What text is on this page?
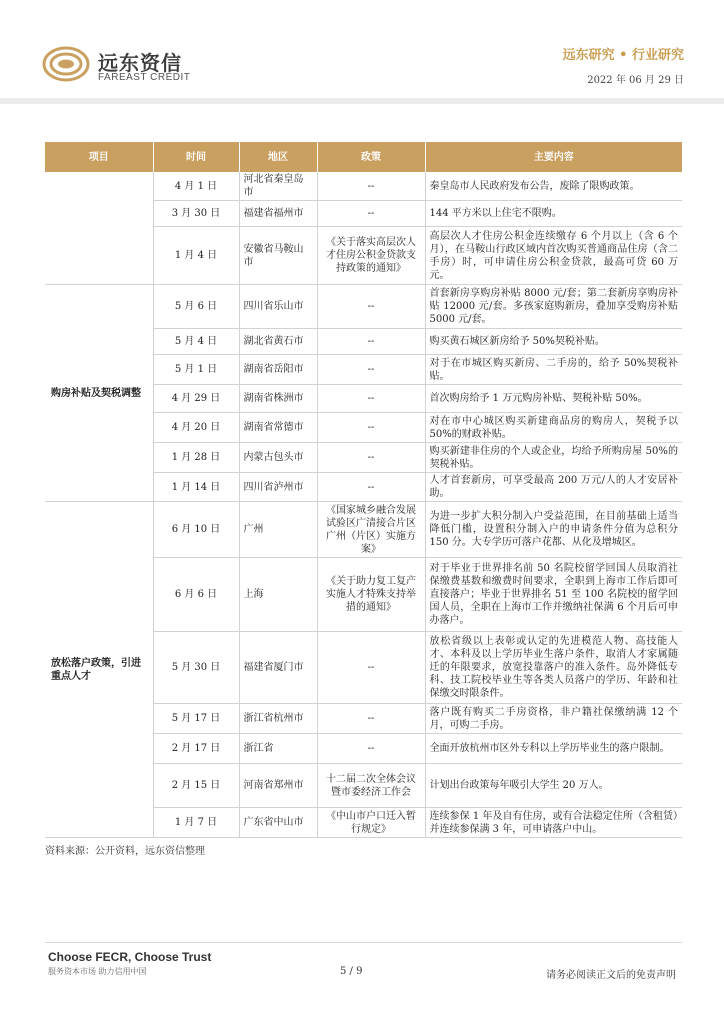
远东资信
FAREAST CREDIT
远东研究 • 行业研究
2022 年 06 月 29 日
项目	时间	地区	政策	主要内容
	4 月 1 日	河北省秦皇岛市	--	秦皇岛市人民政府发布公告，废除了限购政策。
	3 月 30 日	福建省福州市	--	144 平方米以上住宅不限购。
	1 月 4 日	安徽省马鞍山市	《关于落实高层次人才住房公积金贷款支持政策的通知》	高层次人才住房公积金连续缴存 6 个月以上（含 6 个月），在马鞍山行政区域内首次购买普通商品住房（含二手房）时，可申请住房公积金贷款，最高可贷 60 万元。
购房补贴及契税调整	5 月 6 日	四川省乐山市	--	首套新房享购房补贴 8000 元/套；第二套新房享购房补贴 12000 元/套。多孩家庭购新房，叠加享受购房补贴 5000 元/套。
	5 月 4 日	湖北省黄石市	--	购买黄石城区新房给予 50%契税补贴。
	5 月 1 日	湖南省岳阳市	--	对于在市城区购买新房、二手房的，给予 50%契税补贴。
	4 月 29 日	湖南省株洲市	--	首次购房给予 1 万元购房补贴、契税补贴 50%。
	4 月 20 日	湖南省常德市	--	对在市中心城区购买新建商品房的购房人，契税予以 50%的财政补贴。
	1 月 28 日	内蒙古包头市	--	购买新建非住房的个人或企业，均给予所购房屋 50%的契税补贴。
	1 月 14 日	四川省泸州市	--	人才首套新房，可享受最高 200 万元/人的人才安居补助。
放松落户政策，引进重点人才	6 月 10 日	广州	《国家城乡融合发展试验区广清接合片区广州（片区）实施方案》	为进一步扩大积分制入户受益范围，在目前基础上适当降低门槛，设置积分制入户的申请条件分值为总积分 150 分。大专学历可落户花都、从化及增城区。
	6 月 6 日	上海	《关于助力复工复产实施人才特殊支持举措的通知》	对于毕业于世界排名前 50 名院校留学回国人员取消社保缴费基数和缴费时间要求，全职到上海市工作后即可直接落户；毕业于世界排名 51 至 100 名院校的留学回国人员，全职在上海市工作并缴纳社保满 6 个月后可申办落户。
	5 月 30 日	福建省厦门市	--	放松省级以上表彰或认定的先进模范人物、高技能人才、本科及以上学历毕业生落户条件，取消人才家属随迁的年限要求，放宽投靠落户的准入条件。岛外降低专科、技工院校毕业生等各类人员落户的学历、年龄和社保缴交时限条件。
	5 月 17 日	浙江省杭州市	--	落户既有购买二手房资格，非户籍社保缴纳满 12 个月，可购二手房。
	2 月 17 日	浙江省	--	全面开放杭州市区外专科以上学历毕业生的落户限制。
	2 月 15 日	河南省郑州市	十二届二次全体会议暨市委经济工作会	计划出台政策每年吸引大学生 20 万人。
	1 月 7 日	广东省中山市	《中山市户口迁入暂行规定》	连续参保 1 年及自有住房，或有合法稳定住所（含租赁）并连续参保满 3 年，可申请落户中山。
资料来源：公开资料，远东资信整理
Choose FECR, Choose Trust
服务资本市场 助力信用中国	5 / 9	请务必阅读正文后的免责声明
